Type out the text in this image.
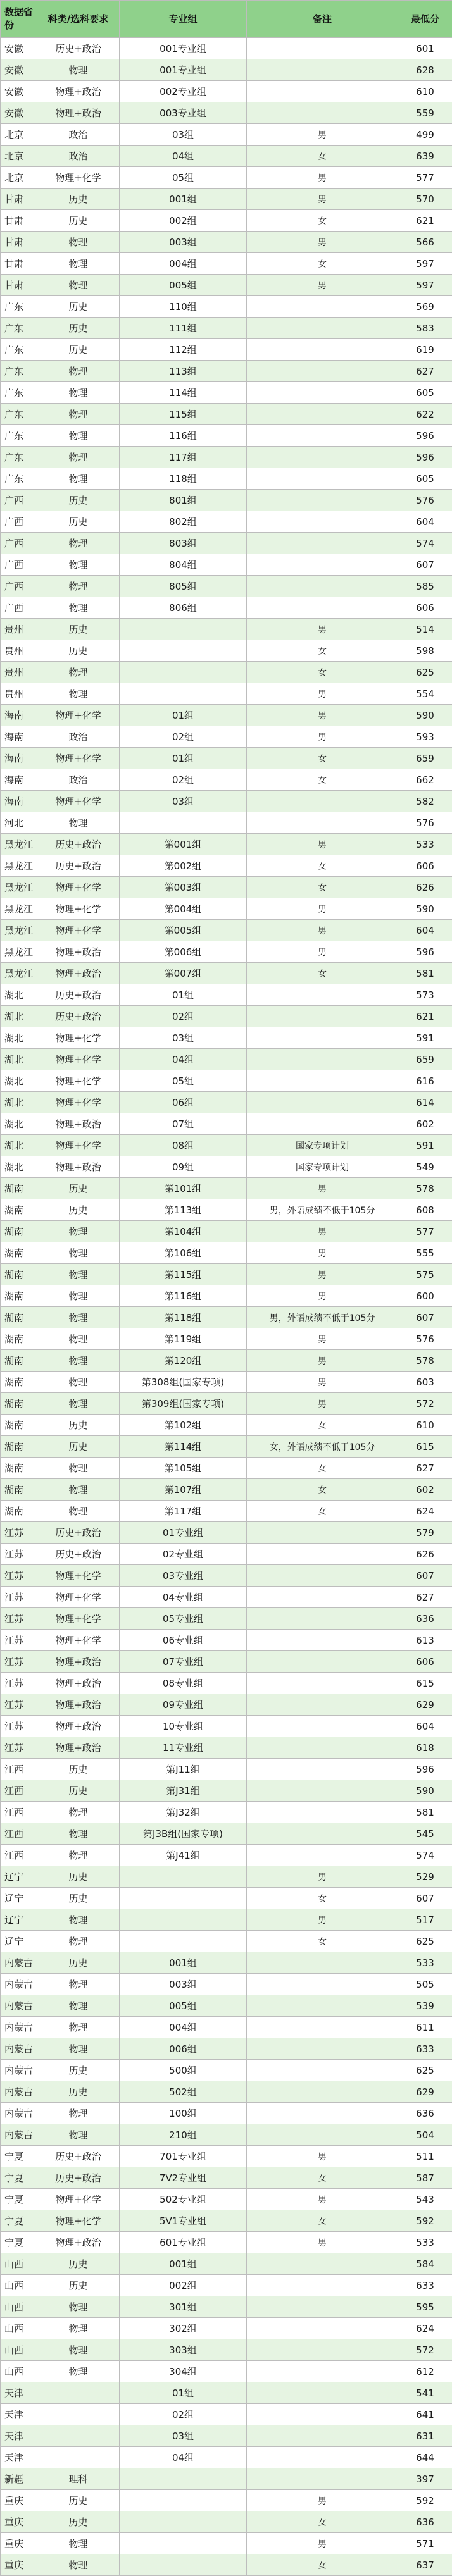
数据省份	科类/选科要求	专业组	备注	最低分
安徽	历史+政治	001专业组		601
安徽	物理	001专业组		628
安徽	物理+政治	002专业组		610
安徽	物理+政治	003专业组		559
北京	政治	03组	男	499
北京	政治	04组	女	639
北京	物理+化学	05组	男	577
甘肃	历史	001组	男	570
甘肃	历史	002组	女	621
甘肃	物理	003组	男	566
甘肃	物理	004组	女	597
甘肃	物理	005组	男	597
广东	历史	110组		569
广东	历史	111组		583
广东	历史	112组		619
广东	物理	113组		627
广东	物理	114组		605
广东	物理	115组		622
广东	物理	116组		596
广东	物理	117组		596
广东	物理	118组		605
广西	历史	801组		576
广西	历史	802组		604
广西	物理	803组		574
广西	物理	804组		607
广西	物理	805组		585
广西	物理	806组		606
贵州	历史		男	514
贵州	历史		女	598
贵州	物理		女	625
贵州	物理		男	554
海南	物理+化学	01组	男	590
海南	政治	02组	男	593
海南	物理+化学	01组	女	659
海南	政治	02组	女	662
海南	物理+化学	03组		582
河北	物理			576
黑龙江	历史+政治	第001组	男	533
黑龙江	历史+政治	第002组	女	606
黑龙江	物理+化学	第003组	女	626
黑龙江	物理+化学	第004组	男	590
黑龙江	物理+化学	第005组	男	604
黑龙江	物理+政治	第006组	男	596
黑龙江	物理+政治	第007组	女	581
湖北	历史+政治	01组		573
湖北	历史+政治	02组		621
湖北	物理+化学	03组		591
湖北	物理+化学	04组		659
湖北	物理+化学	05组		616
湖北	物理+化学	06组		614
湖北	物理+政治	07组		602
湖北	物理+化学	08组	国家专项计划	591
湖北	物理+政治	09组	国家专项计划	549
湖南	历史	第101组	男	578
湖南	历史	第113组	男，外语成绩不低于105分	608
湖南	物理	第104组	男	577
湖南	物理	第106组	男	555
湖南	物理	第115组	男	575
湖南	物理	第116组	男	600
湖南	物理	第118组	男，外语成绩不低于105分	607
湖南	物理	第119组	男	576
湖南	物理	第120组	男	578
湖南	物理	第308组(国家专项)	男	603
湖南	物理	第309组(国家专项)	男	572
湖南	历史	第102组	女	610
湖南	历史	第114组	女，外语成绩不低于105分	615
湖南	物理	第105组	女	627
湖南	物理	第107组	女	602
湖南	物理	第117组	女	624
江苏	历史+政治	01专业组		579
江苏	历史+政治	02专业组		626
江苏	物理+化学	03专业组		607
江苏	物理+化学	04专业组		627
江苏	物理+化学	05专业组		636
江苏	物理+化学	06专业组		613
江苏	物理+政治	07专业组		606
江苏	物理+政治	08专业组		615
江苏	物理+政治	09专业组		629
江苏	物理+政治	10专业组		604
江苏	物理+政治	11专业组		618
江西	历史	第J11组		596
江西	历史	第J31组		590
江西	物理	第J32组		581
江西	物理	第J3B组(国家专项)		545
江西	物理	第J41组		574
辽宁	历史		男	529
辽宁	历史		女	607
辽宁	物理		男	517
辽宁	物理		女	625
内蒙古	历史	001组		533
内蒙古	物理	003组		505
内蒙古	物理	005组		539
内蒙古	物理	004组		611
内蒙古	物理	006组		633
内蒙古	历史	500组		625
内蒙古	历史	502组		629
内蒙古	物理	100组		636
内蒙古	物理	210组		504
宁夏	历史+政治	701专业组	男	511
宁夏	历史+政治	7V2专业组	女	587
宁夏	物理+化学	502专业组	男	543
宁夏	物理+化学	5V1专业组	女	592
宁夏	物理+政治	601专业组	男	533
山西	历史	001组		584
山西	历史	002组		633
山西	物理	301组		595
山西	物理	302组		624
山西	物理	303组		572
山西	物理	304组		612
天津		01组		541
天津		02组		641
天津		03组		631
天津		04组		644
新疆	理科			397
重庆	历史		男	592
重庆	历史		女	636
重庆	物理		男	571
重庆	物理		女	637
